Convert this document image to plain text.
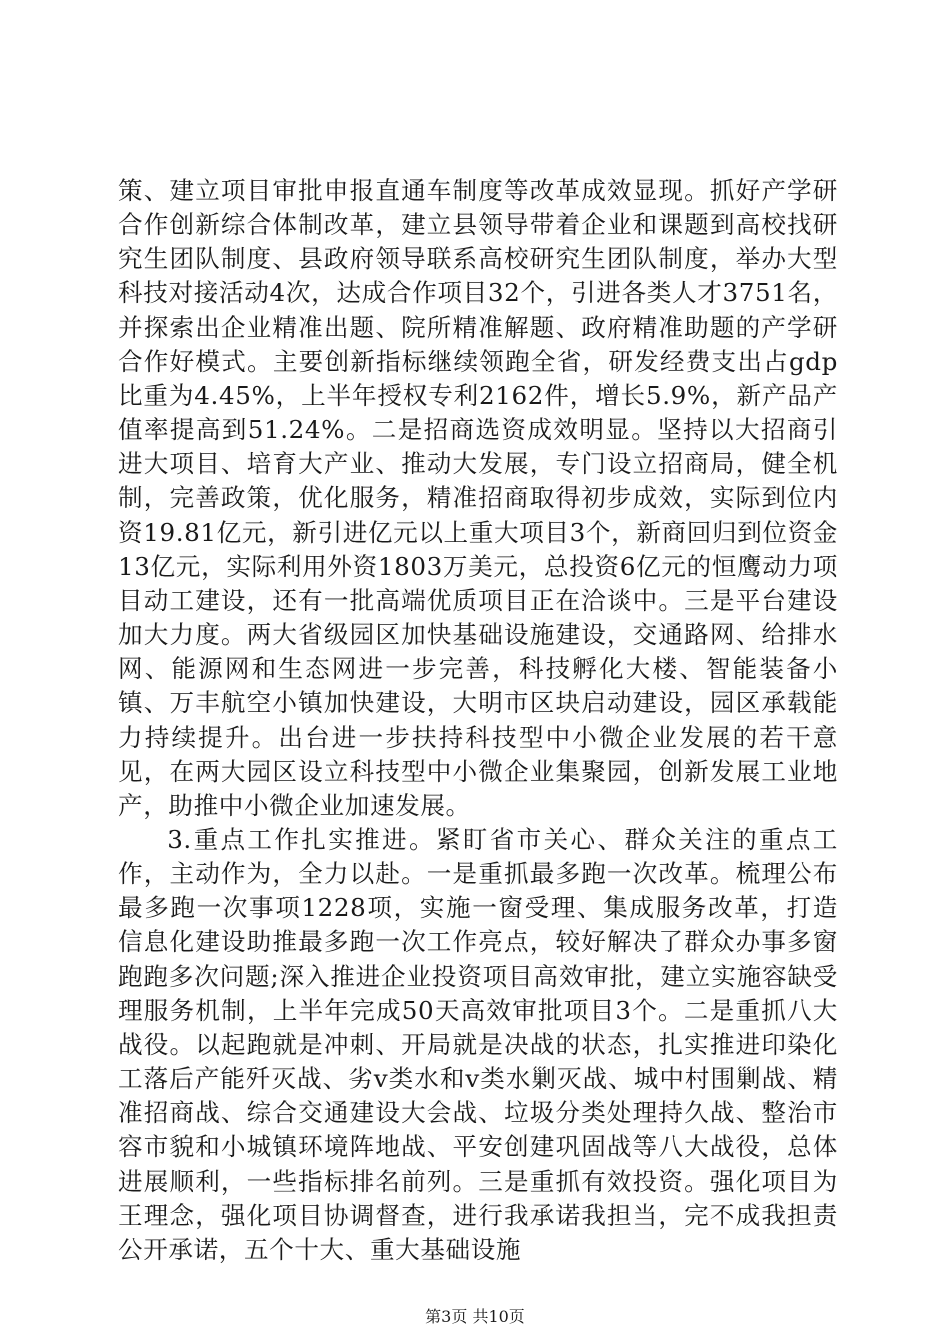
策、建立项目审批申报直通车制度等改革成效显现。抓好产学研合作创新综合体制改革，建立县领导带着企业和课题到高校找研究生团队制度、县政府领导联系高校研究生团队制度，举办大型科技对接活动4次，达成合作项目32个，引进各类人才3751名，并探索出企业精准出题、院所精准解题、政府精准助题的产学研合作好模式。主要创新指标继续领跑全省，研发经费支出占gdp比重为4.45%，上半年授权专利2162件，增长5.9%，新产品产值率提高到51.24%。二是招商选资成效明显。坚持以大招商引进大项目、培育大产业、推动大发展，专门设立招商局，健全机制，完善政策，优化服务，精准招商取得初步成效，实际到位内资19.81亿元，新引进亿元以上重大项目3个，新商回归到位资金13亿元，实际利用外资1803万美元，总投资6亿元的恒鹰动力项目动工建设，还有一批高端优质项目正在洽谈中。三是平台建设加大力度。两大省级园区加快基础设施建设，交通路网、给排水网、能源网和生态网进一步完善，科技孵化大楼、智能装备小镇、万丰航空小镇加快建设，大明市区块启动建设，园区承载能力持续提升。出台进一步扶持科技型中小微企业发展的若干意见，在两大园区设立科技型中小微企业集聚园，创新发展工业地产，助推中小微企业加速发展。

3.重点工作扎实推进。紧盯省市关心、群众关注的重点工作，主动作为，全力以赴。一是重抓最多跑一次改革。梳理公布最多跑一次事项1228项，实施一窗受理、集成服务改革，打造信息化建设助推最多跑一次工作亮点，较好解决了群众办事多窗跑跑多次问题;深入推进企业投资项目高效审批，建立实施容缺受理服务机制，上半年完成50天高效审批项目3个。二是重抓八大战役。以起跑就是冲刺、开局就是决战的状态，扎实推进印染化工落后产能歼灭战、劣v类水和v类水剿灭战、城中村围剿战、精准招商战、综合交通建设大会战、垃圾分类处理持久战、整治市容市貌和小城镇环境阵地战、平安创建巩固战等八大战役，总体进展顺利，一些指标排名前列。三是重抓有效投资。强化项目为王理念，强化项目协调督查，进行我承诺我担当，完不成我担责公开承诺，五个十大、重大基础设施

第3页 共10页
